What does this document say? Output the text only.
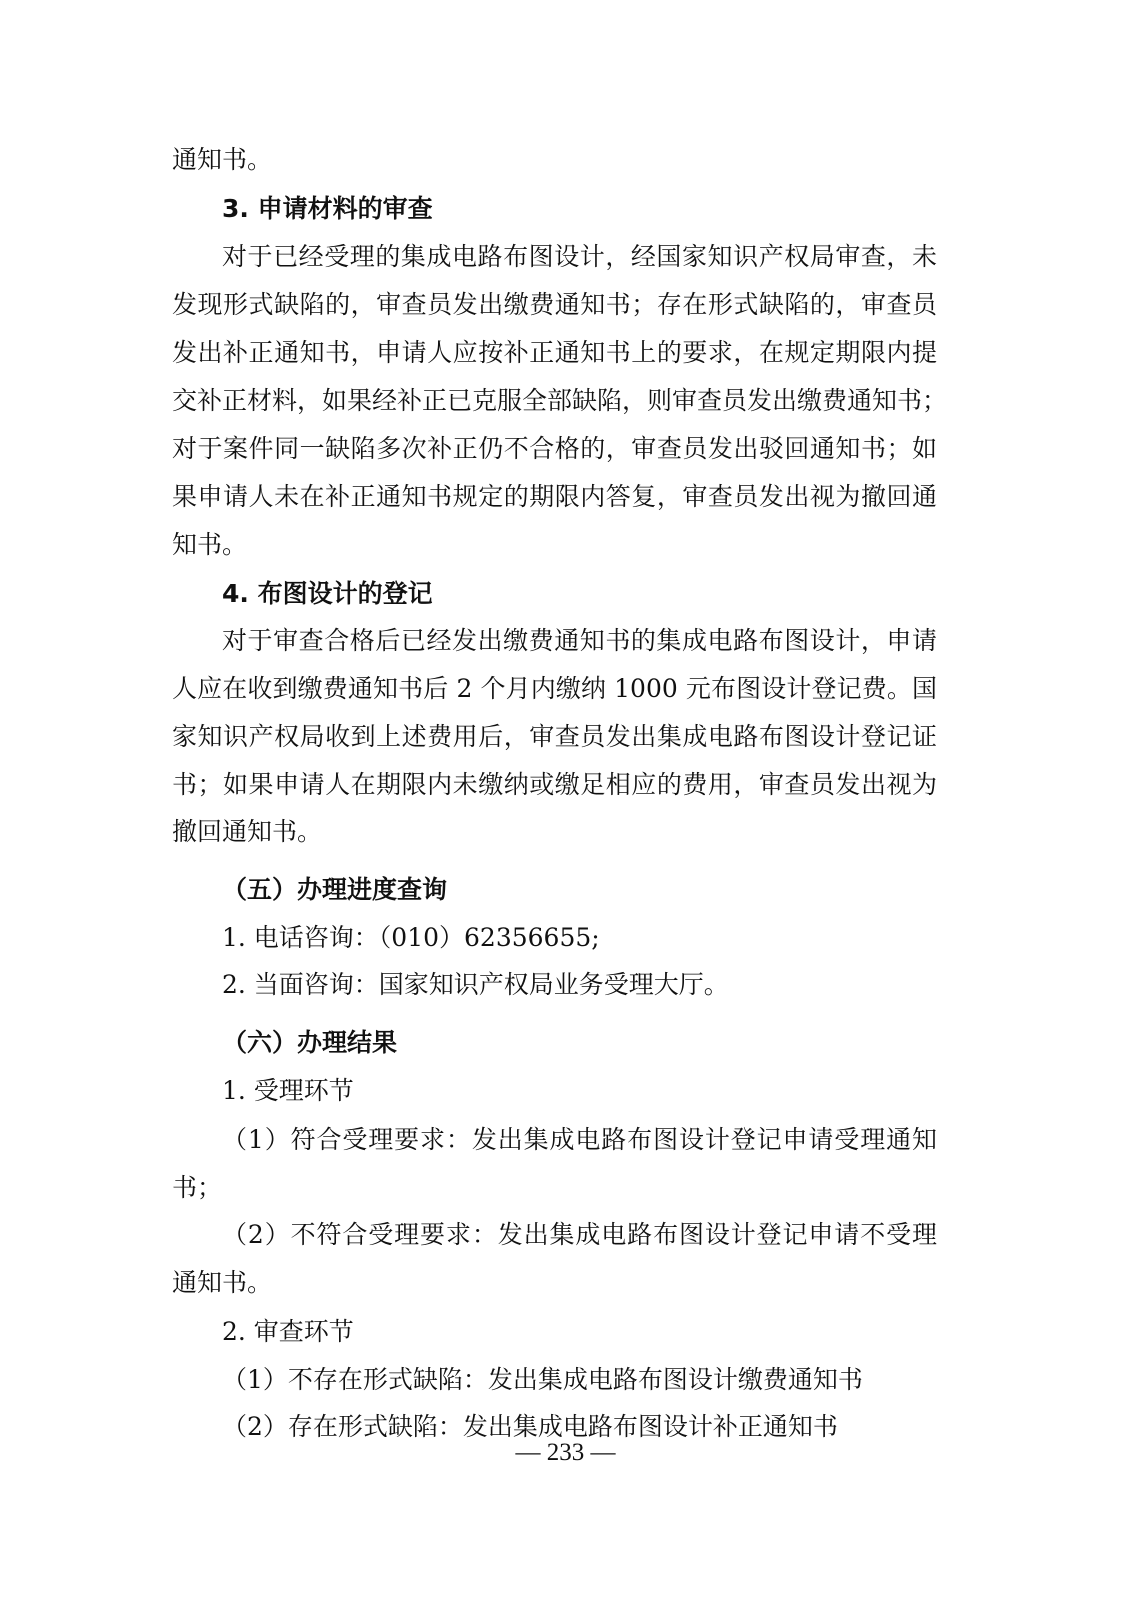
通知书。
3. 申请材料的审查
对于已经受理的集成电路布图设计，经国家知识产权局审查，未
发现形式缺陷的，审查员发出缴费通知书；存在形式缺陷的，审查员
发出补正通知书，申请人应按补正通知书上的要求，在规定期限内提
交补正材料，如果经补正已克服全部缺陷，则审查员发出缴费通知书；
对于案件同一缺陷多次补正仍不合格的，审查员发出驳回通知书；如
果申请人未在补正通知书规定的期限内答复，审查员发出视为撤回通
知书。
4. 布图设计的登记
对于审查合格后已经发出缴费通知书的集成电路布图设计，申请
人应在收到缴费通知书后 2 个月内缴纳 1000 元布图设计登记费。国
家知识产权局收到上述费用后，审查员发出集成电路布图设计登记证
书；如果申请人在期限内未缴纳或缴足相应的费用，审查员发出视为
撤回通知书。
（五）办理进度查询
1. 电话咨询：（010）62356655;
2. 当面咨询：国家知识产权局业务受理大厅。
（六）办理结果
1. 受理环节
（1）符合受理要求：发出集成电路布图设计登记申请受理通知
书；
（2）不符合受理要求：发出集成电路布图设计登记申请不受理
通知书。
2. 审查环节
（1）不存在形式缺陷：发出集成电路布图设计缴费通知书
（2）存在形式缺陷：发出集成电路布图设计补正通知书
— 233 —
